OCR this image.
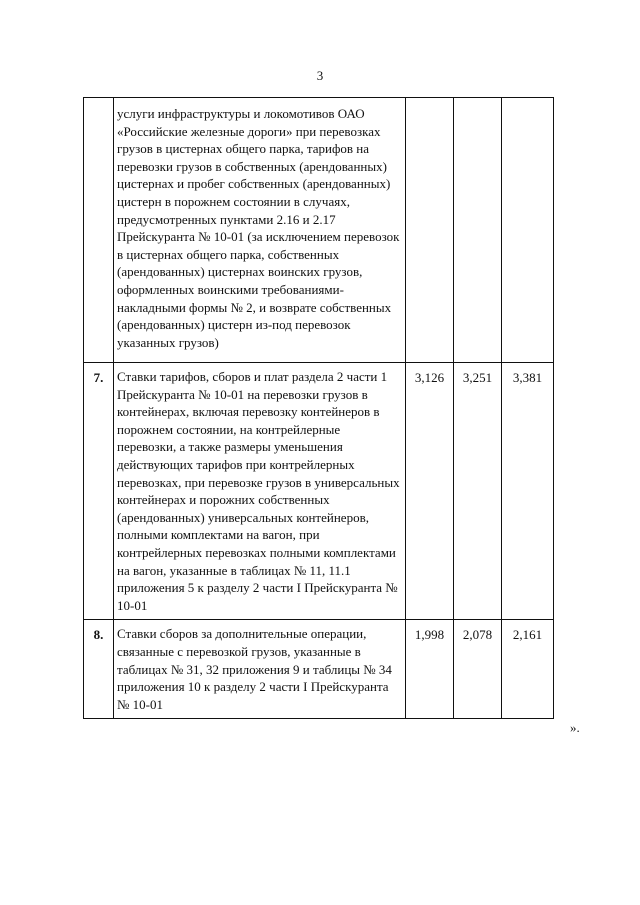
3
	услуги инфраструктуры и локомотивов ОАО «Российские железные дороги» при перевозках грузов в цистернах общего парка, тарифов на перевозки грузов в собственных (арендованных) цистернах и пробег собственных (арендованных) цистерн в порожнем состоянии в случаях, предусмотренных пунктами 2.16 и 2.17 Прейскуранта № 10-01 (за исключением перевозок в цистернах общего парка, собственных (арендованных) цистернах воинских грузов, оформленных воинскими требованиями-накладными формы № 2, и возврате собственных (арендованных) цистерн из-под перевозок указанных грузов)			
7.	Ставки тарифов, сборов и плат раздела 2 части 1 Прейскуранта № 10-01 на перевозки грузов в контейнерах, включая перевозку контейнеров в порожнем состоянии, на контрейлерные перевозки, а также размеры уменьшения действующих тарифов при контрейлерных перевозках, при перевозке грузов в универсальных контейнерах и порожних собственных (арендованных) универсальных контейнеров, полными комплектами на вагон, при контрейлерных перевозках полными комплектами на вагон, указанные в таблицах № 11, 11.1 приложения 5 к разделу 2 части I Прейскуранта № 10-01	3,126	3,251	3,381
8.	Ставки сборов за дополнительные операции, связанные с перевозкой грузов, указанные в таблицах № 31, 32 приложения 9 и таблицы № 34 приложения 10 к разделу 2 части I Прейскуранта № 10-01	1,998	2,078	2,161
».
